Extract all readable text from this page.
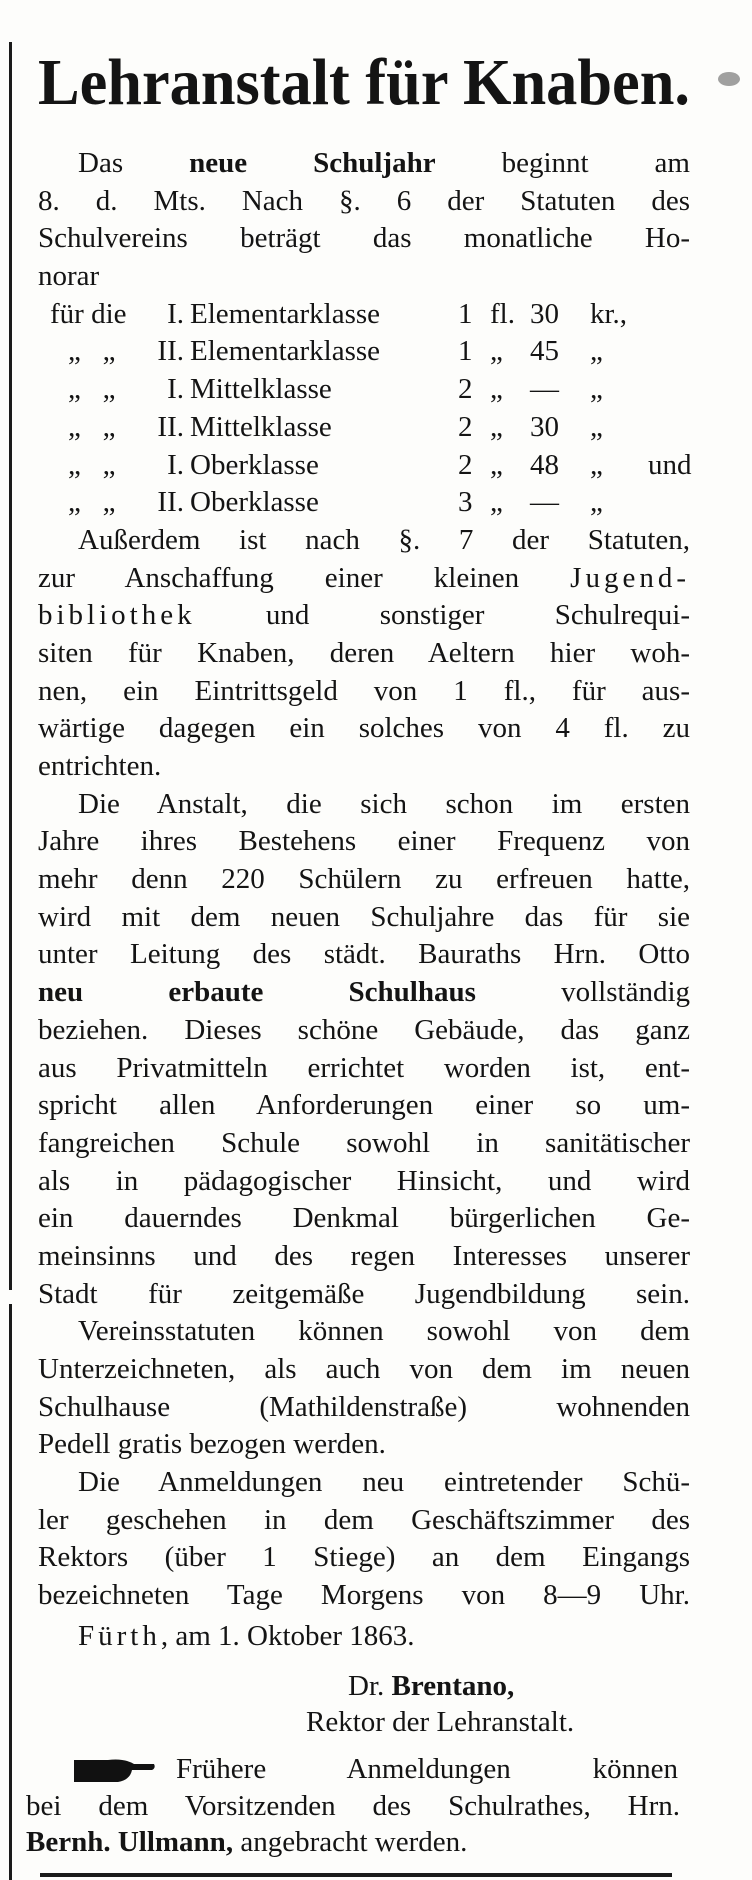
Lehranstalt für Knaben.
Das neue Schuljahr beginnt am
8. d. Mts. Nach §. 6 der Statuten des
Schulvereins beträgt das monatliche Ho-
norar
für die I. Elementarklasse	1 fl. 30 kr.,
„   „ II. Elementarklasse	1 „ 45 „
„   „ I. Mittelklasse	2 „ — „
„   „ II. Mittelklasse	2 „ 30 „
„   „ I. Oberklasse	2 „ 48 „ und
„   „ II. Oberklasse	3 „ — „
Außerdem ist nach §. 7 der Statuten,
zur Anschaffung einer kleinen Jugend-
bibliothek und sonstiger Schulrequi-
siten für Knaben, deren Aeltern hier woh-
nen, ein Eintrittsgeld von 1 fl., für aus-
wärtige dagegen ein solches von 4 fl. zu
entrichten.
Die Anstalt, die sich schon im ersten
Jahre ihres Bestehens einer Frequenz von
mehr denn 220 Schülern zu erfreuen hatte,
wird mit dem neuen Schuljahre das für sie
unter Leitung des städt. Bauraths Hrn. Otto
neu erbaute Schulhaus vollständig
beziehen. Dieses schöne Gebäude, das ganz
aus Privatmitteln errichtet worden ist, ent-
spricht allen Anforderungen einer so um-
fangreichen Schule sowohl in sanitätischer
als in pädagogischer Hinsicht, und wird
ein dauerndes Denkmal bürgerlichen Ge-
meinsinns und des regen Interesses unserer
Stadt für zeitgemäße Jugendbildung sein.
Vereinsstatuten können sowohl von dem
Unterzeichneten, als auch von dem im neuen
Schulhause (Mathildenstraße) wohnenden
Pedell gratis bezogen werden.
Die Anmeldungen neu eintretender Schü-
ler geschehen in dem Geschäftszimmer des
Rektors (über 1 Stiege) an dem Eingangs
bezeichneten Tage Morgens von 8—9 Uhr.
Fürth, am 1. Oktober 1863.
Dr. Brentano,
Rektor der Lehranstalt.
Frühere Anmeldungen können
bei dem Vorsitzenden des Schulrathes, Hrn.
Bernh. Ullmann, angebracht werden.
